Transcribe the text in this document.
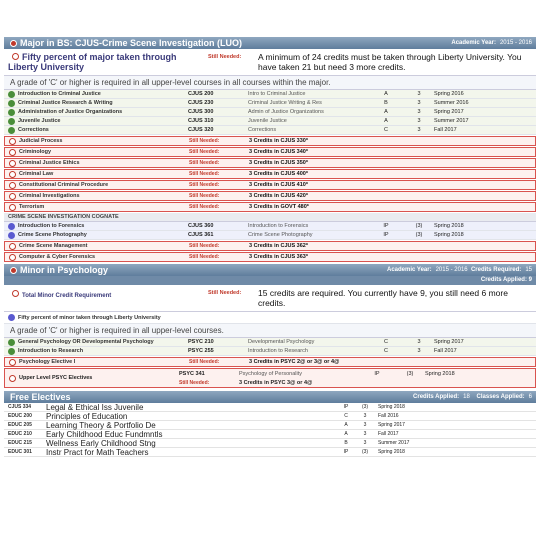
Major in BS: CJUS-Crime Scene Investigation (LUO)	Academic Year: 2015 - 2016
Fifty percent of major taken through Liberty University
Still Needed:	A minimum of 24 credits must be taken through Liberty University. You have taken 21 but need 3 more credits.
A grade of 'C' or higher is required in all upper-level courses in all courses within the major.
Introduction to Criminal Justice	CJUS 200	Intro to Criminal Justice	A	3	Spring 2016
Criminal Justice Research & Writing	CJUS 230	Criminal Justice Writing & Res	B	3	Summer 2016
Administration of Justice Organizations	CJUS 300	Admin of Justice Organizations	A	3	Spring 2017
Juvenile Justice	CJUS 310	Juvenile Justice	A	3	Summer 2017
Corrections	CJUS 320	Corrections	C	3	Fall 2017
Judicial Process	Still Needed:	3 Credits in CJUS 330*
Criminology	Still Needed:	3 Credits in CJUS 340*
Criminal Justice Ethics	Still Needed:	3 Credits in CJUS 350*
Criminal Law	Still Needed:	3 Credits in CJUS 400*
Constitutional Criminal Procedure	Still Needed:	3 Credits in CJUS 410*
Criminal Investigations	Still Needed:	3 Credits in CJUS 420*
Terrorism	Still Needed:	3 Credits in GOVT 480*
CRIME SCENE INVESTIGATION COGNATE
Introduction to Forensics	CJUS 360	Introduction to Forensics	IP	(3)	Spring 2018
Crime Scene Photography	CJUS 361	Crime Scene Photography	IP	(3)	Spring 2018
Crime Scene Management	Still Needed:	3 Credits in CJUS 362*
Computer & Cyber Forensics	Still Needed:	3 Credits in CJUS 363*
Minor in Psychology	Academic Year: 2015 - 2016 Credits Required: 15
Credits Applied: 9
Total Minor Credit Requirement	Still Needed:	15 credits are required. You currently have 9, you still need 6 more credits.
Fifty percent of minor taken through Liberty University
A grade of 'C' or higher is required in all upper-level courses.
General Psychology OR Developmental Psychology	PSYC 210	Developmental Psychology	C	3	Spring 2017
Introduction to Research	PSYC 255	Introduction to Research	C	3	Fall 2017
Psychology Elective I	Still Needed:	3 Credits in PSYC 2@ or 3@ or 4@
Upper Level PSYC Electives
PSYC 341	Psychology of Personality	IP	(3)	Spring 2018
Still Needed:	3 Credits in PSYC 3@ or 4@
Free Electives	Credits Applied: 18 Classes Applied: 6
CJUS 334	Legal & Ethical Iss Juvenile	IP	(3)	Spring 2018
EDUC 200	Principles of Education	C	3	Fall 2016
EDUC 205	Learning Theory & Portfolio De	A	3	Spring 2017
EDUC 210	Early Childhood Educ Fundmntls	A	3	Fall 2017
EDUC 215	Wellness Early Childhood Stng	B	3	Summer 2017
EDUC 301	Instr Pract for Math Teachers	IP	(3)	Spring 2018
